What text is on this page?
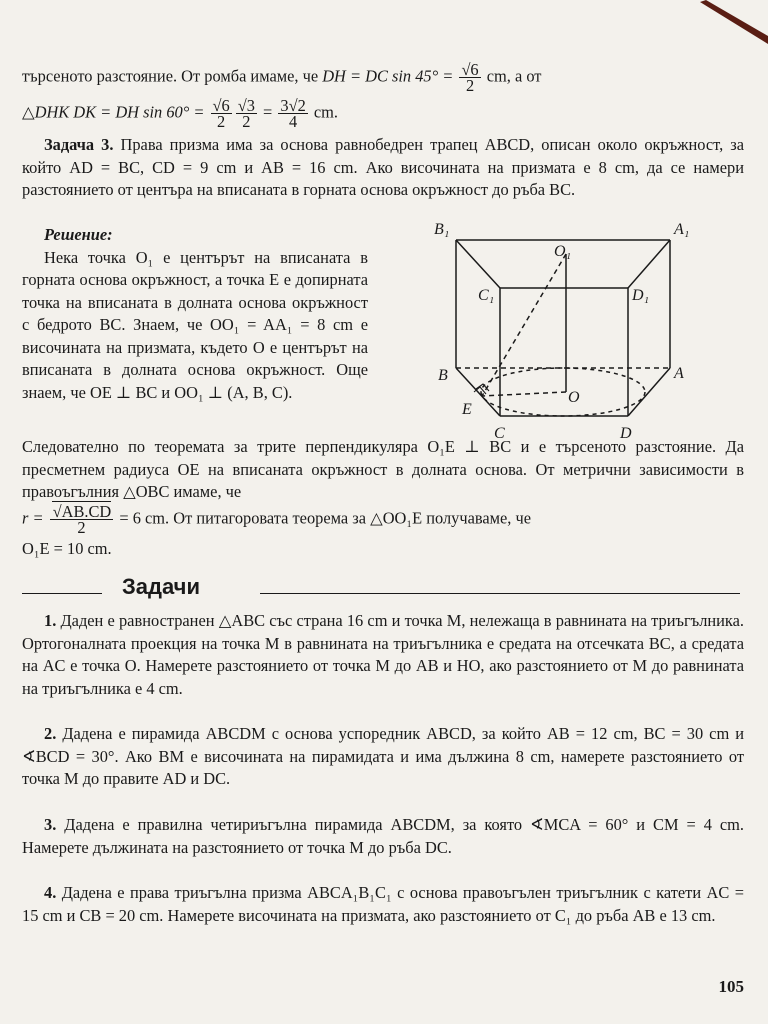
търсеното разстояние. От ромба имаме, че DH = DC $\sin 45^\circ = \frac{√6}{2}$ cm, а от
△DHK DK = DH $\sin 60^\circ = \frac{√6}{2} \frac{√3}{2} = \frac{3√2}{4}$ cm.

Задача 3. Права призма има за основа равнобедрен трапец ABCD, описан около окръжност, за който AD = BC, CD = 9 cm и AB = 16 cm. Ако височината на призмата е 8 cm, да се намери разстоянието от центъра на вписаната в горната основа окръжност до ръба BC.

Решение:

Нека точка O₁ е центърът на вписаната в горната основа окръжност, а точка E е допирната точка на вписаната в долната основа окръжност с бедрото BC. Знаем, че OO₁ = AA₁ = 8 cm е височината на призмата, където O е центърът на вписаната в долната основа окръжност. Още знаем, че OE ⊥ BC и OO₁ ⊥ (A, B, C).

Следователно по теоремата за трите перпендикуляра O₁E ⊥ BC и е търсеното разстояние. Да пресметнем радиуса OE на вписаната окръжност в долната основа. От метрични зависимости в правоъгълния △OBC имаме, че

$r = \frac{√AB.CD}{2} = 6$ cm. От питагоровата теорема за △OO₁E получаваме, че
O₁E = 10 cm.
B₁	A₁
O₁
C₁	D₁
B	A
O
E
C	D
Задачи

1. Даден е равностранен △ABC със страна 16 cm и точка M, нележаща в равнината на триъгълника. Ортогоналната проекция на точка M в равнината на триъгълника е средата на отсечката BC, а средата на AC е точка O. Намерете разстоянието от точка M до AB и HO, ако разстоянието от M до равнината на триъгълника е 4 cm.

2. Дадена е пирамида ABCDM с основа успоредник ABCD, за който AB = 12 cm, BC = 30 cm и ∢BCD = 30°. Ако BM е височината на пирамидата и има дължина 8 cm, намерете разстоянието от точка M до правите AD и DC.

3. Дадена е правилна четириъгълна пирамида ABCDM, за която ∢MCA = 60° и CM = 4 cm. Намерете дължината на разстоянието от точка M до ръба DC.

4. Дадена е права триъгълна призма ABCA₁B₁C₁ с основа правоъгълен триъгълник с катети AC = 15 cm и CB = 20 cm. Намерете височината на призмата, ако разстоянието от C₁ до ръба AB е 13 cm.

105
